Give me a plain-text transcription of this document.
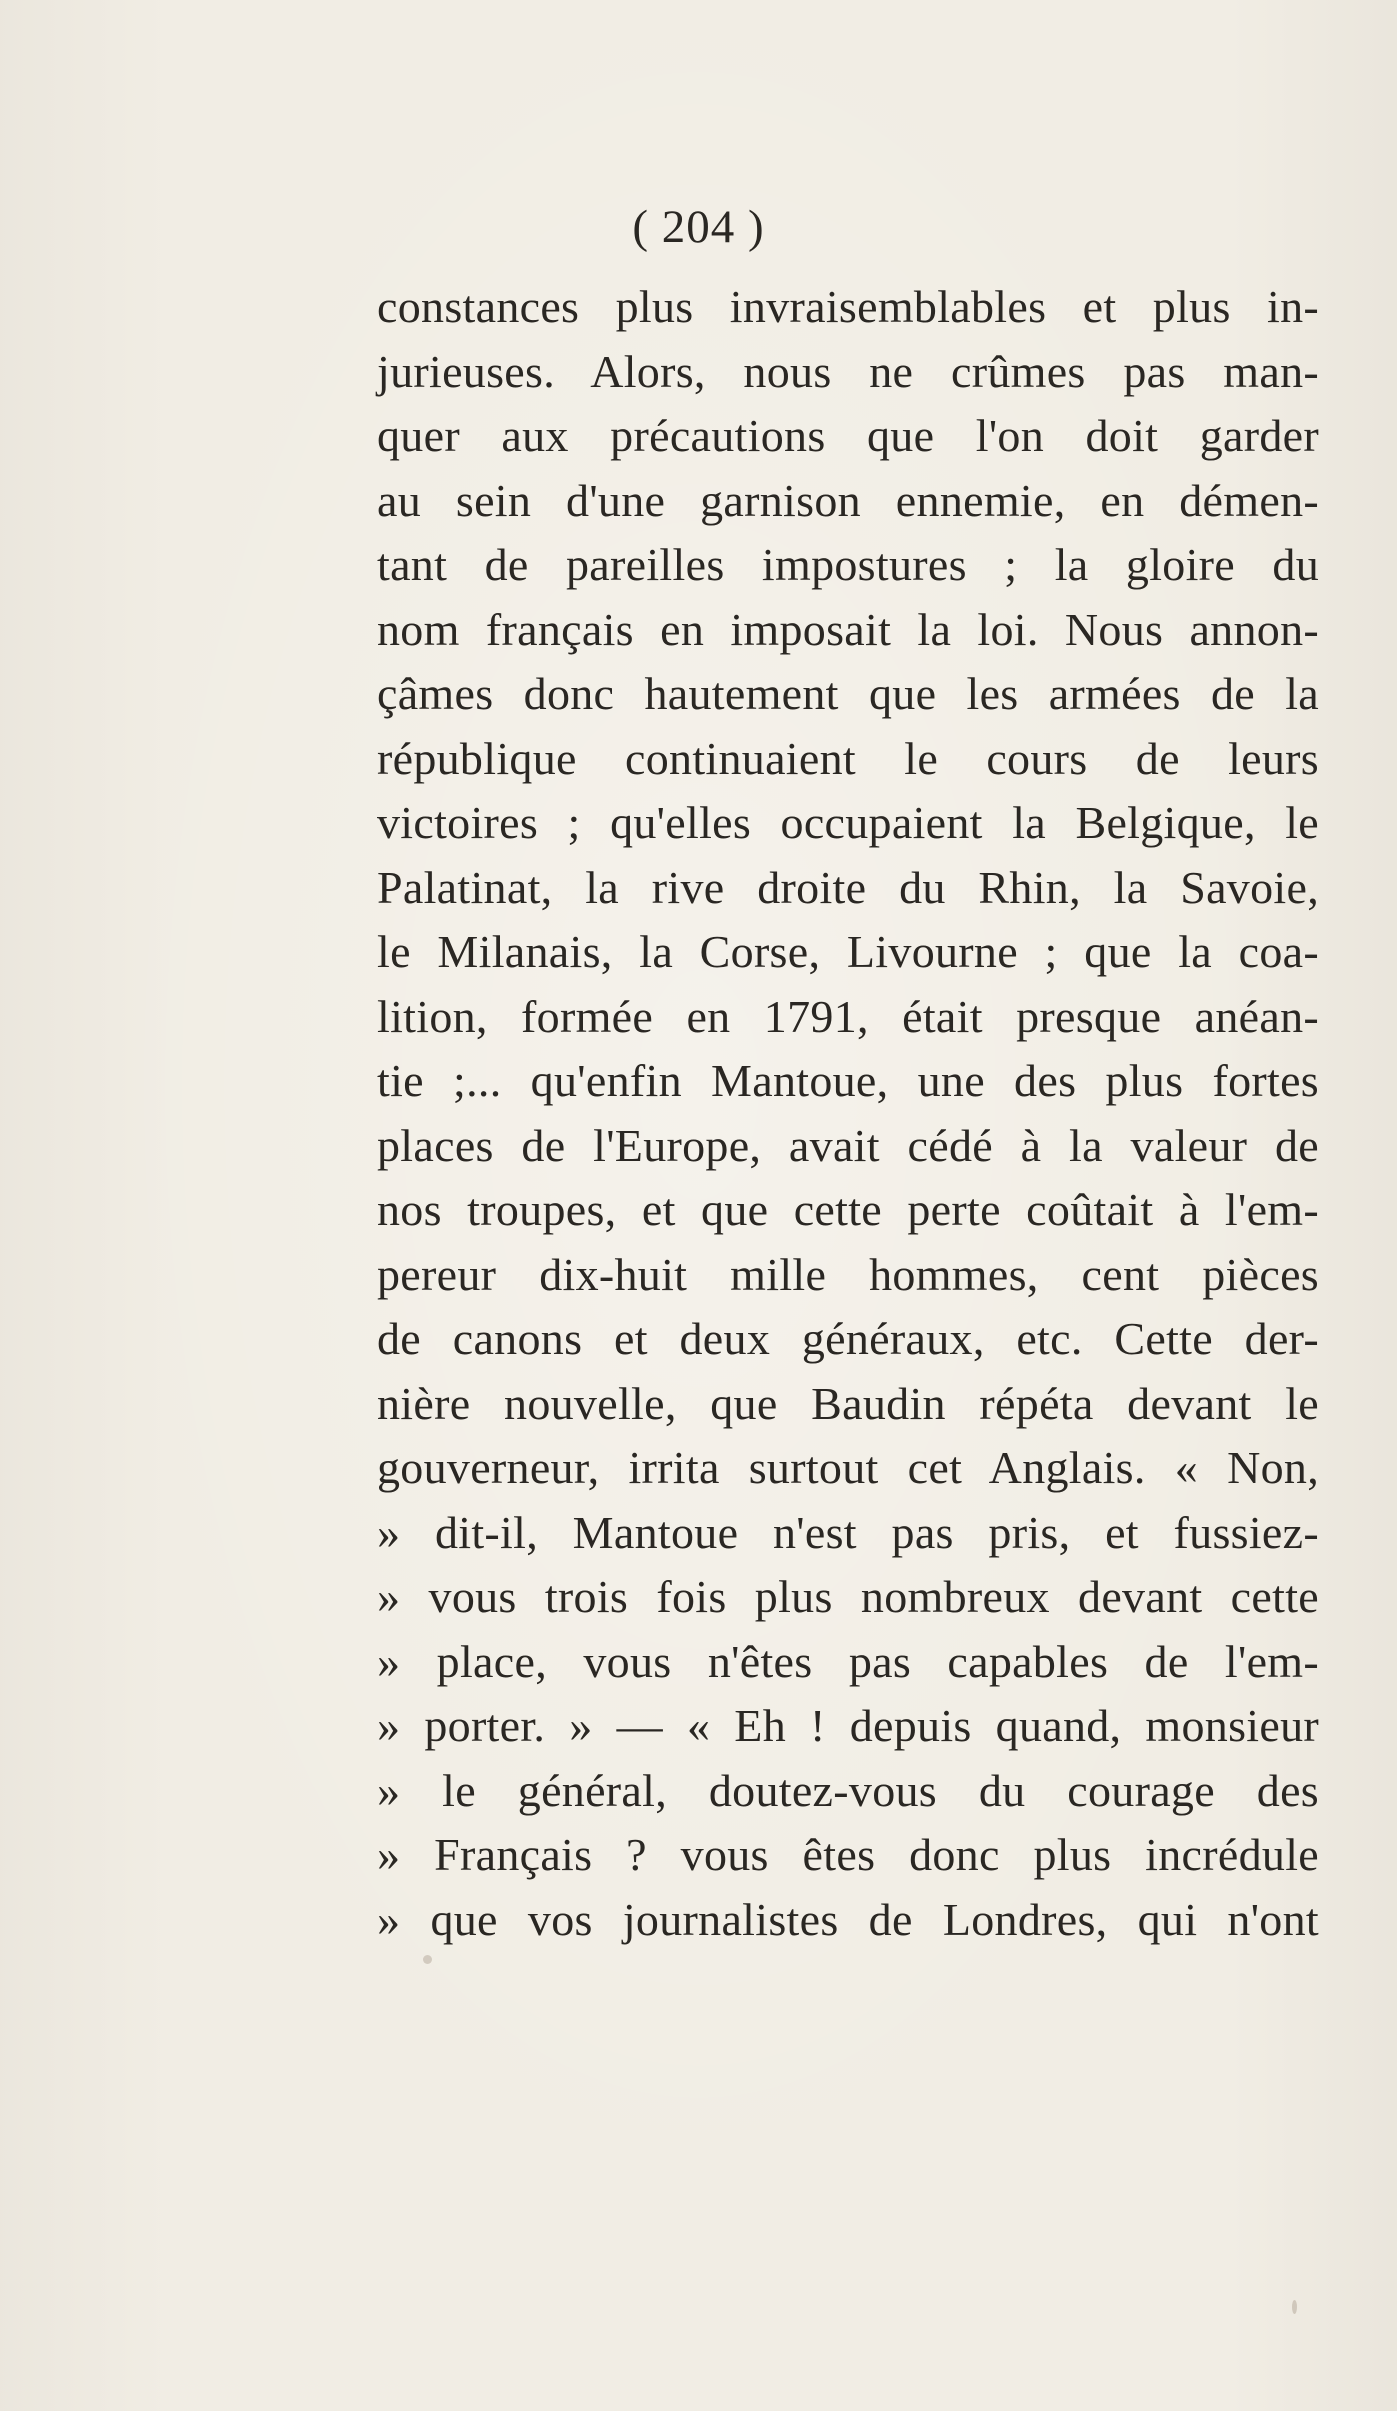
( 204 )
constances plus invraisemblables et plus in-
jurieuses. Alors, nous ne crûmes pas man-
quer aux précautions que l'on doit garder
au sein d'une garnison ennemie, en démen-
tant de pareilles impostures ; la gloire du
nom français en imposait la loi. Nous annon-
çâmes donc hautement que les armées de la
république continuaient le cours de leurs
victoires ; qu'elles occupaient la Belgique, le
Palatinat, la rive droite du Rhin, la Savoie,
le Milanais, la Corse, Livourne ; que la coa-
lition, formée en 1791, était presque anéan-
tie ;... qu'enfin Mantoue, une des plus fortes
places de l'Europe, avait cédé à la valeur de
nos troupes, et que cette perte coûtait à l'em-
pereur dix-huit mille hommes, cent pièces
de canons et deux généraux, etc. Cette der-
nière nouvelle, que Baudin répéta devant le
gouverneur, irrita surtout cet Anglais. « Non,
» dit-il, Mantoue n'est pas pris, et fussiez-
» vous trois fois plus nombreux devant cette
» place, vous n'êtes pas capables de l'em-
» porter. » — « Eh ! depuis quand, monsieur
» le général, doutez-vous du courage des
» Français ? vous êtes donc plus incrédule
» que vos journalistes de Londres, qui n'ont
